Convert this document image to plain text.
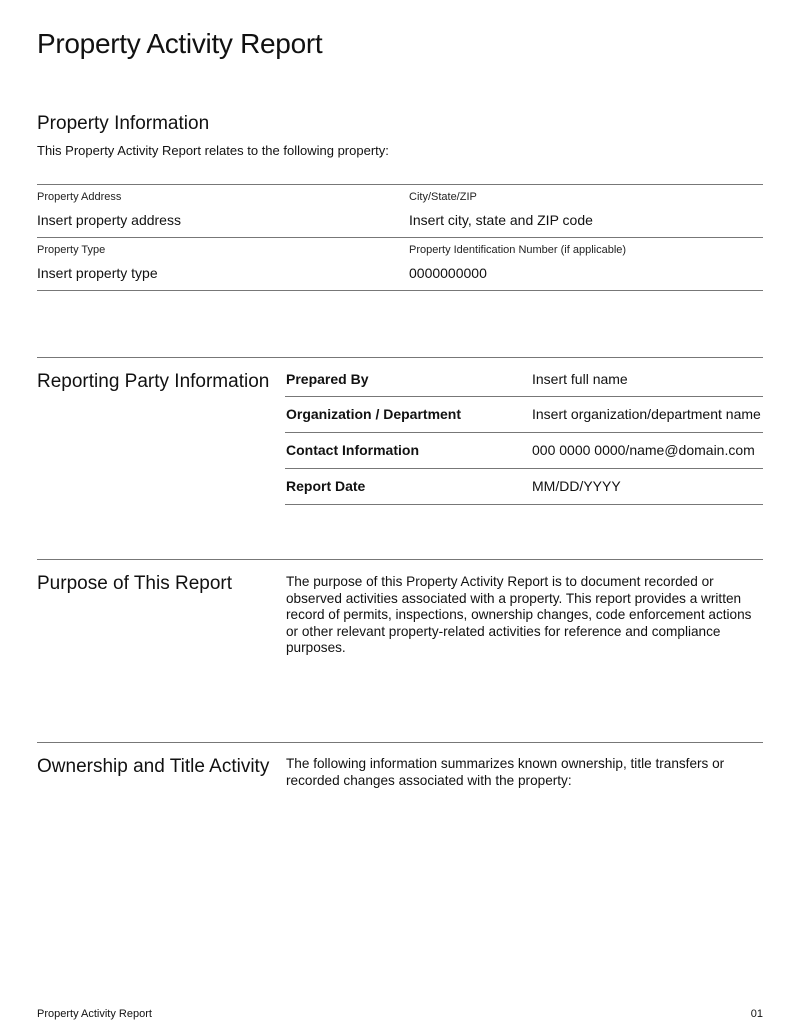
Property Activity Report
Property Information
This Property Activity Report relates to the following property:
Property Address
Insert property address
City/State/ZIP
Insert city, state and ZIP code
Property Type
Insert property type
Property Identification Number (if applicable)
0000000000
Reporting Party Information Prepared By	Insert full name
Organization / Department	Insert organization/department name
Contact Information	000 0000 0000/name@domain.com
Report Date	MM/DD/YYYY
Purpose of This Report	The purpose of this Property Activity Report is to document recorded or observed activities associated with a property. This report provides a written record of permits, inspections, ownership changes, code enforcement actions or other relevant property-related activities for reference and compliance purposes.
Ownership and Title Activity The following information summarizes known ownership, title transfers or recorded changes associated with the property:
Property Activity Report	01
